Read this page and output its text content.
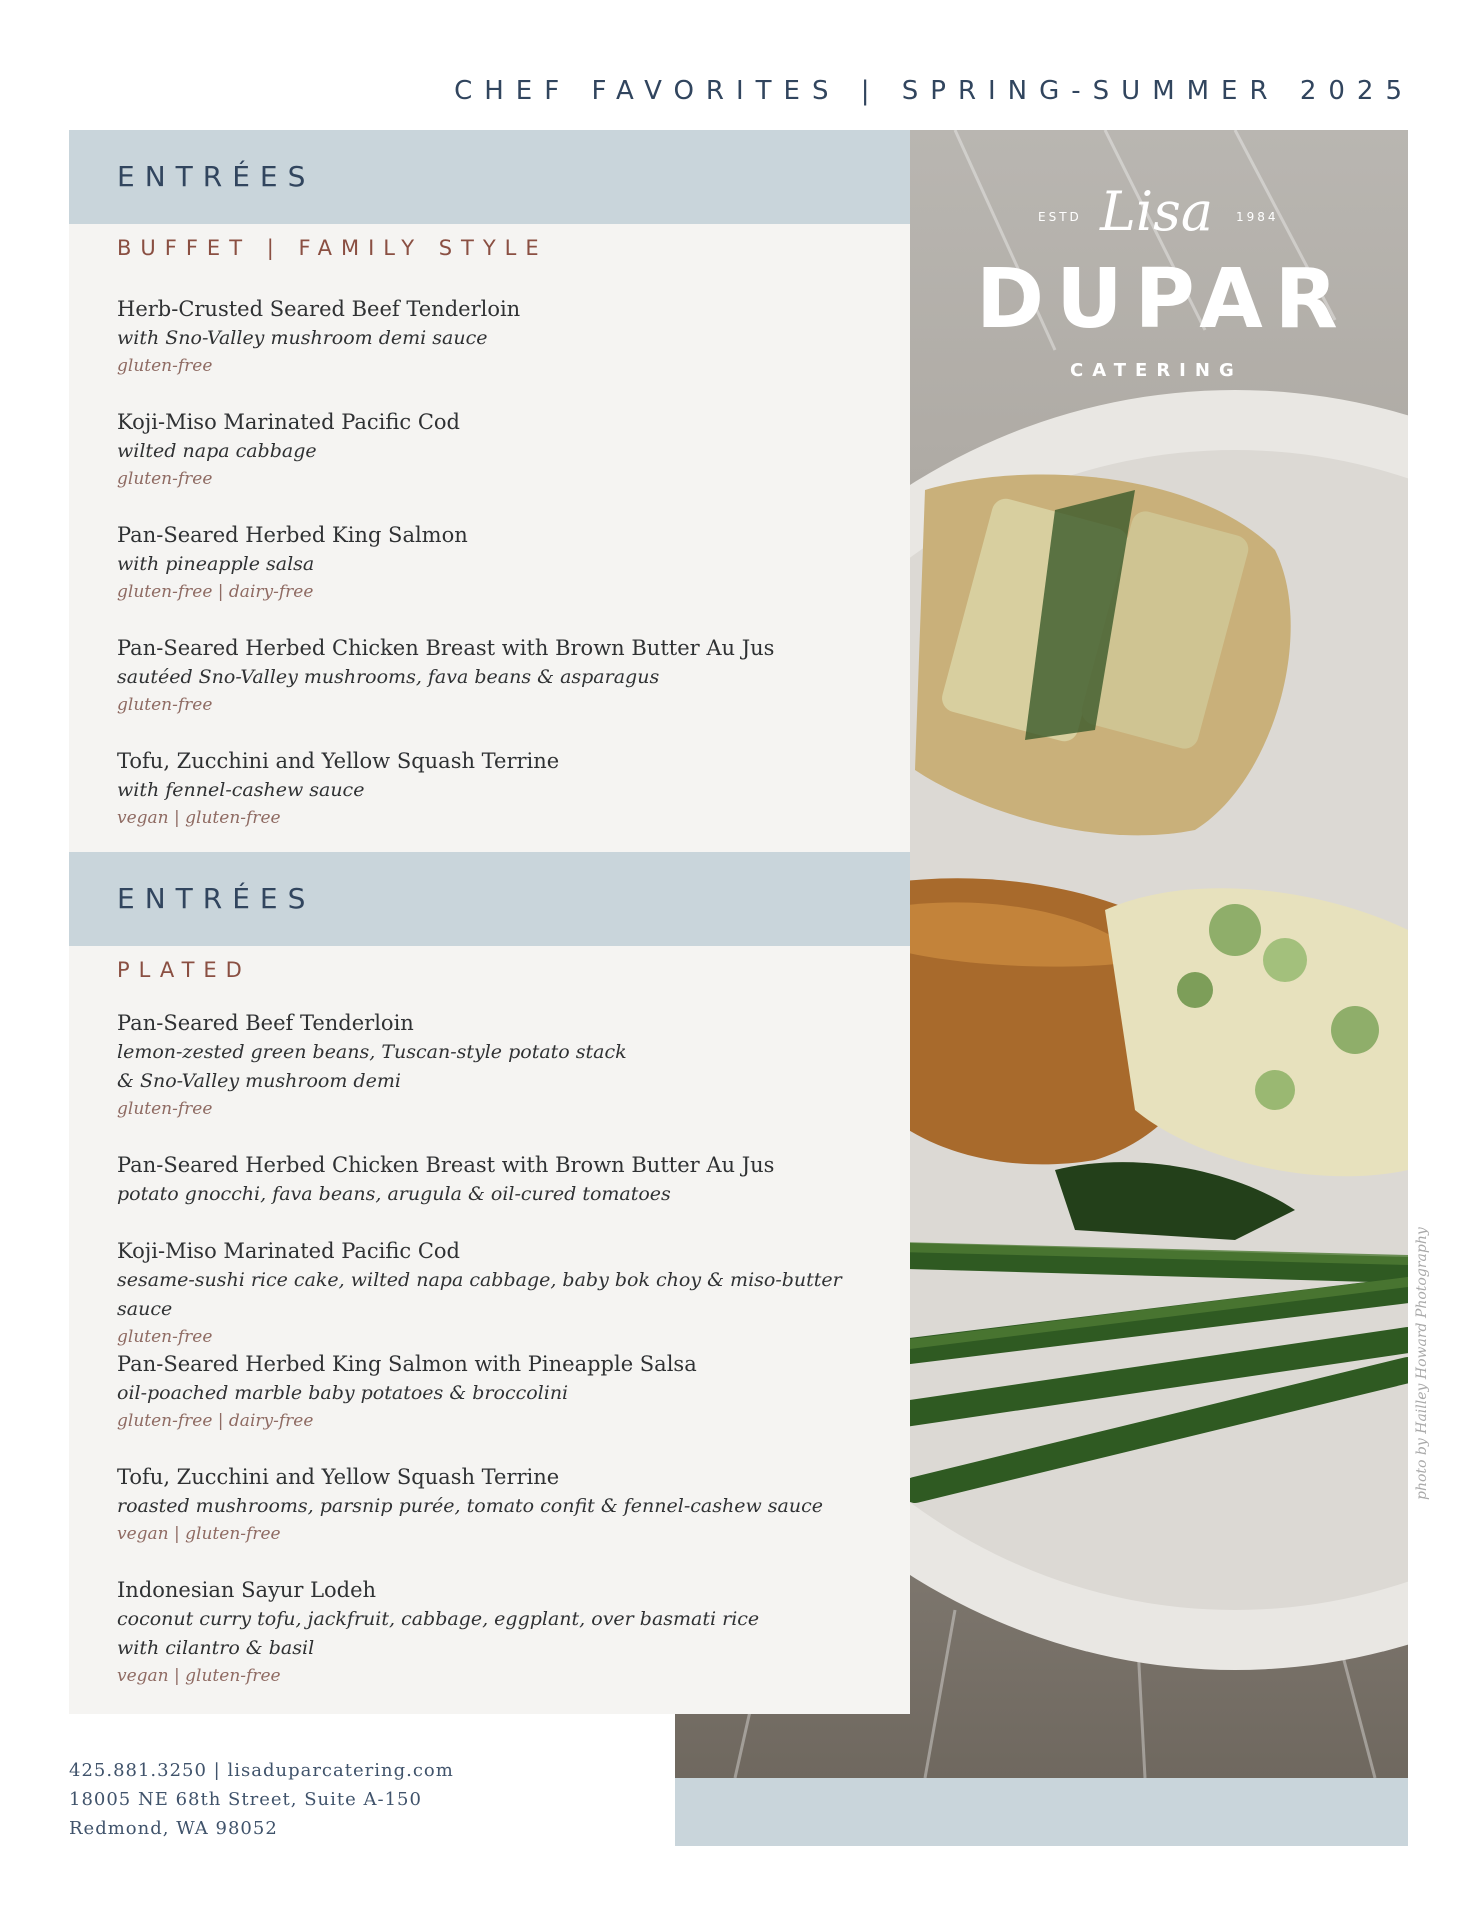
CHEF FAVORITES | SPRING-SUMMER 2025
photo by Hailley Howard Photography
ESTD Lisa 1984
DUPAR
CATERING
ENTRÉES
BUFFET | FAMILY STYLE
Herb-Crusted Seared Beef Tenderloin
with Sno-Valley mushroom demi sauce
gluten-free
Koji-Miso Marinated Pacific Cod
wilted napa cabbage
gluten-free
Pan-Seared Herbed King Salmon
with pineapple salsa
gluten-free | dairy-free
Pan-Seared Herbed Chicken Breast with Brown Butter Au Jus
sautéed Sno-Valley mushrooms, fava beans & asparagus
gluten-free
Tofu, Zucchini and Yellow Squash Terrine
with fennel-cashew sauce
vegan | gluten-free
ENTRÉES
PLATED
Pan-Seared Beef Tenderloin
lemon-zested green beans, Tuscan-style potato stack
& Sno-Valley mushroom demi
gluten-free
Pan-Seared Herbed Chicken Breast with Brown Butter Au Jus
potato gnocchi, fava beans, arugula & oil-cured tomatoes
Koji-Miso Marinated Pacific Cod
sesame-sushi rice cake, wilted napa cabbage, baby bok choy & miso-butter sauce
gluten-free
Pan-Seared Herbed King Salmon with Pineapple Salsa
oil-poached marble baby potatoes & broccolini
gluten-free | dairy-free
Tofu, Zucchini and Yellow Squash Terrine
roasted mushrooms, parsnip purée, tomato confit & fennel-cashew sauce
vegan | gluten-free
Indonesian Sayur Lodeh
coconut curry tofu, jackfruit, cabbage, eggplant, over basmati rice
with cilantro & basil
vegan | gluten-free
425.881.3250 | lisaduparcatering.com
18005 NE 68th Street, Suite A-150
Redmond, WA 98052
